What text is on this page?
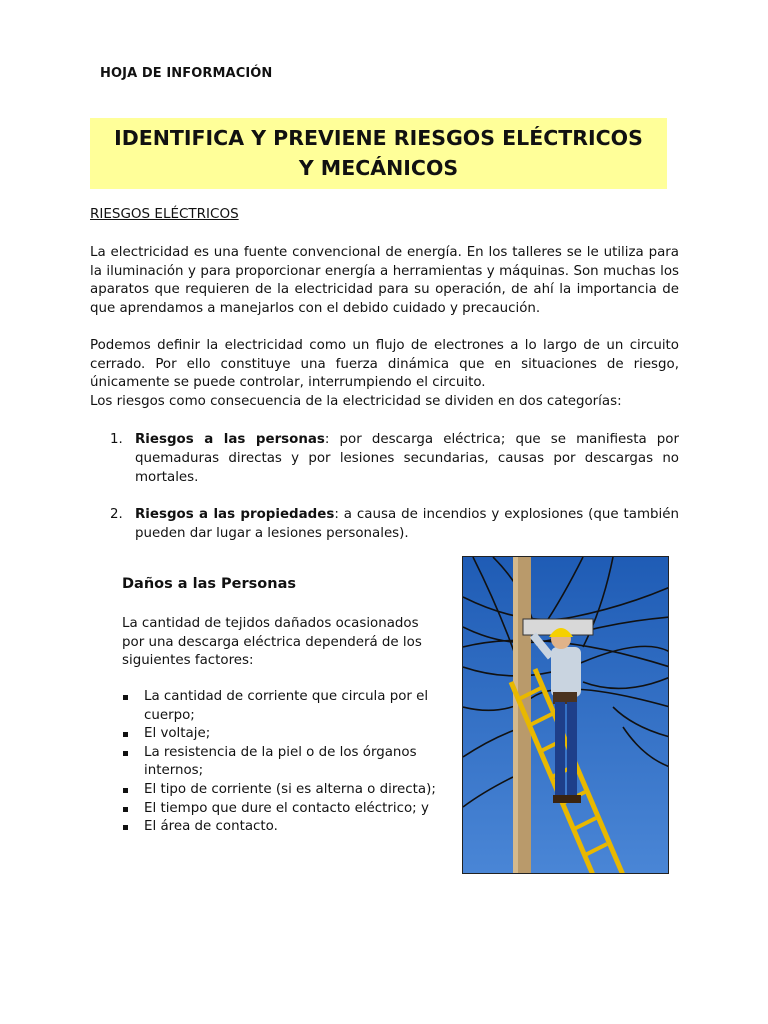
HOJA DE INFORMACIÓN
IDENTIFICA Y PREVIENE RIESGOS ELÉCTRICOS
Y MECÁNICOS
RIESGOS ELÉCTRICOS

La electricidad es una fuente convencional de energía. En los talleres se le utiliza para la iluminación y para proporcionar energía a herramientas y máquinas. Son muchas los aparatos que requieren de la electricidad para su operación, de ahí la importancia de que aprendamos a manejarlos con el debido cuidado y precaución.

Podemos definir la electricidad como un flujo de electrones a lo largo de un circuito cerrado. Por ello constituye una fuerza dinámica que en situaciones de riesgo, únicamente se puede controlar, interrumpiendo el circuito.

Los riesgos como consecuencia de la electricidad se dividen en dos categorías:

1. Riesgos a las personas: por descarga eléctrica; que se manifiesta por quemaduras directas y por lesiones secundarias, causas por descargas no mortales.
2. Riesgos a las propiedades: a causa de incendios y explosiones (que también pueden dar lugar a lesiones personales).
Daños a las Personas

La cantidad de tejidos dañados ocasionados por una descarga eléctrica dependerá de los siguientes factores:

La cantidad de corriente que circula por el cuerpo;
El voltaje;
La resistencia de la piel o de los órganos internos;
El tipo de corriente (si es alterna o directa);
El tiempo que dure el contacto eléctrico; y
El área de contacto.
